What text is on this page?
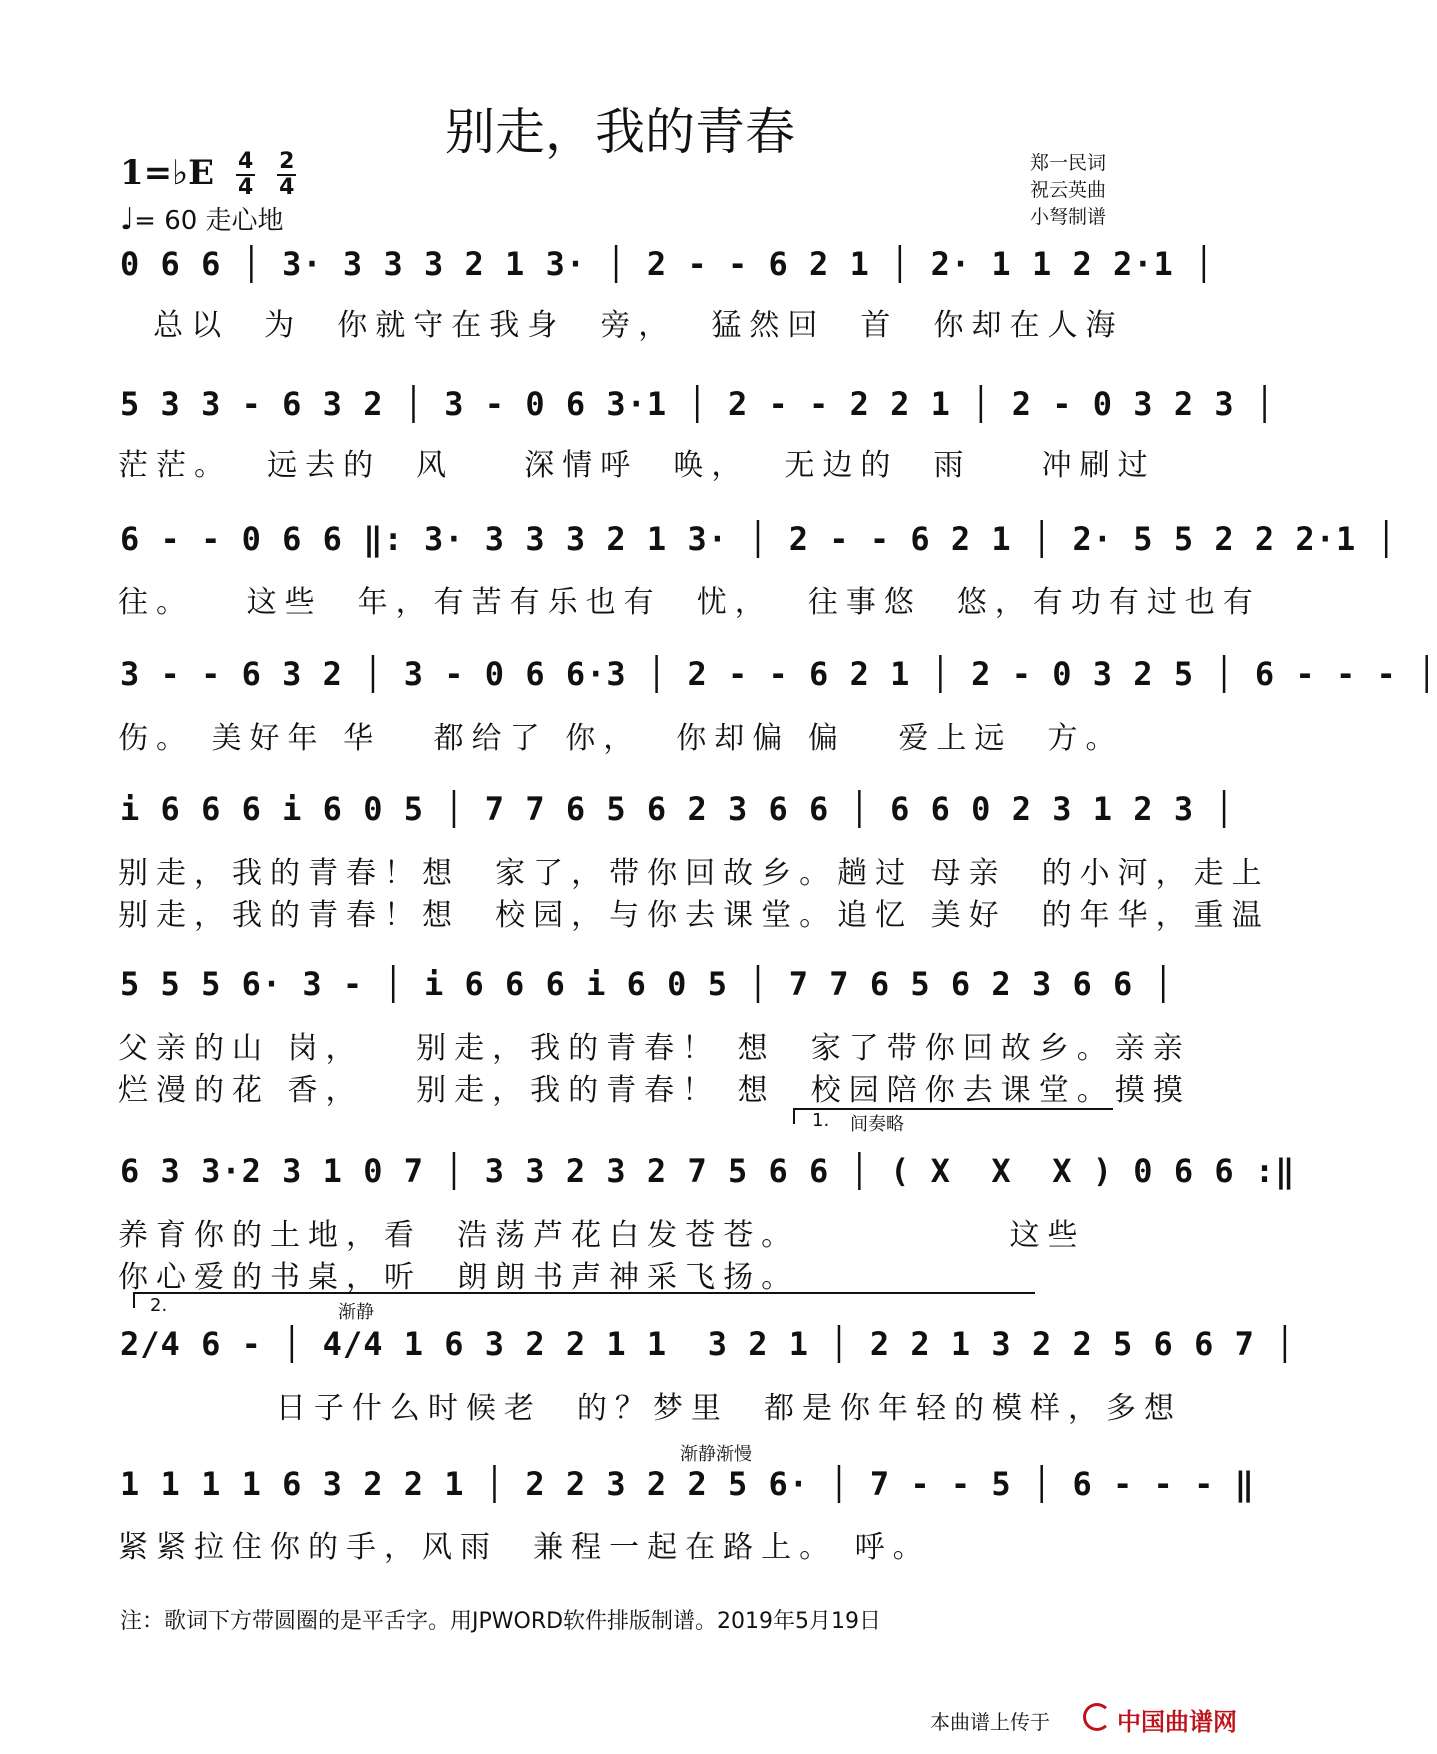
别走，我的青春
1=♭E $\frac{4}{4} \frac{2}{4}$
♩= 60 走心地
郑一民词
祝云英曲
小弩制谱
0 6 6 │ 3· 3 3 3 2 1 3· │ 2 - - 6 2 1 │ 2· 1 1 2 2·1 │
总以  为  你就守在我身  旁，  猛然回  首  你却在人海
5 3 3 - 6 3 2 │ 3 - 0 6 3·1 │ 2 - - 2 2 1 │ 2 - 0 3 2 3 │
茫茫。  远去的  风    深情呼  唤，  无边的  雨    冲刷过
6 - - 0 6 6 ‖: 3· 3 3 3 2 1 3· │ 2 - - 6 2 1 │ 2· 5 5 2 2 2·1 │
往。   这些  年，有苦有乐也有  忧，  往事悠  悠，有功有过也有
3 - - 6 3 2 │ 3 - 0 6 6·3 │ 2 - - 6 2 1 │ 2 - 0 3 2 5 │ 6 - - - │
伤。 美好年 华   都给了 你，  你却偏 偏   爱上远  方。
i 6 6 6 i 6 0 5 │ 7 7 6 5 6 2 3 6 6 │ 6 6 0 2 3 1 2 3 │
别走，我的青春！想  家了，带你回故乡。趟过 母亲  的小河，走上
别走，我的青春！想  校园，与你去课堂。追忆 美好  的年华，重温
5 5 5 6· 3 - │ i 6 6 6 i 6 0 5 │ 7 7 6 5 6 2 3 6 6 │
父亲的山 岗，   别走，我的青春！ 想  家了带你回故乡。亲亲
烂漫的花 香，   别走，我的青春！ 想  校园陪你去课堂。摸摸
1. 间奏略
6 3 3·2 3 1 0 7 │ 3 3 2 3 2 7 5 6 6 │ ( X  X  X ) 0 6 6 :‖
养育你的土地，看  浩荡芦花白发苍苍。            这些
你心爱的书桌，听  朗朗书声神采飞扬。
2.	渐静
2/4 6 - │ 4/4 1 6 3 2 2 1 1  3 2 1 │ 2 2 1 3 2 2 5 6 6 7 │
日子什么时候老  的？梦里  都是你年轻的模样，多想
渐静渐慢
1 1 1 1 6 3 2 2 1 │ 2 2 3 2 2 5 6· │ 7 - - 5 │ 6 - - - ‖
紧紧拉住你的手，风雨  兼程一起在路上。 呼。
注：歌词下方带圆圈的是平舌字。用JPWORD软件排版制谱。2019年5月19日
本曲谱上传于	中国曲谱网
